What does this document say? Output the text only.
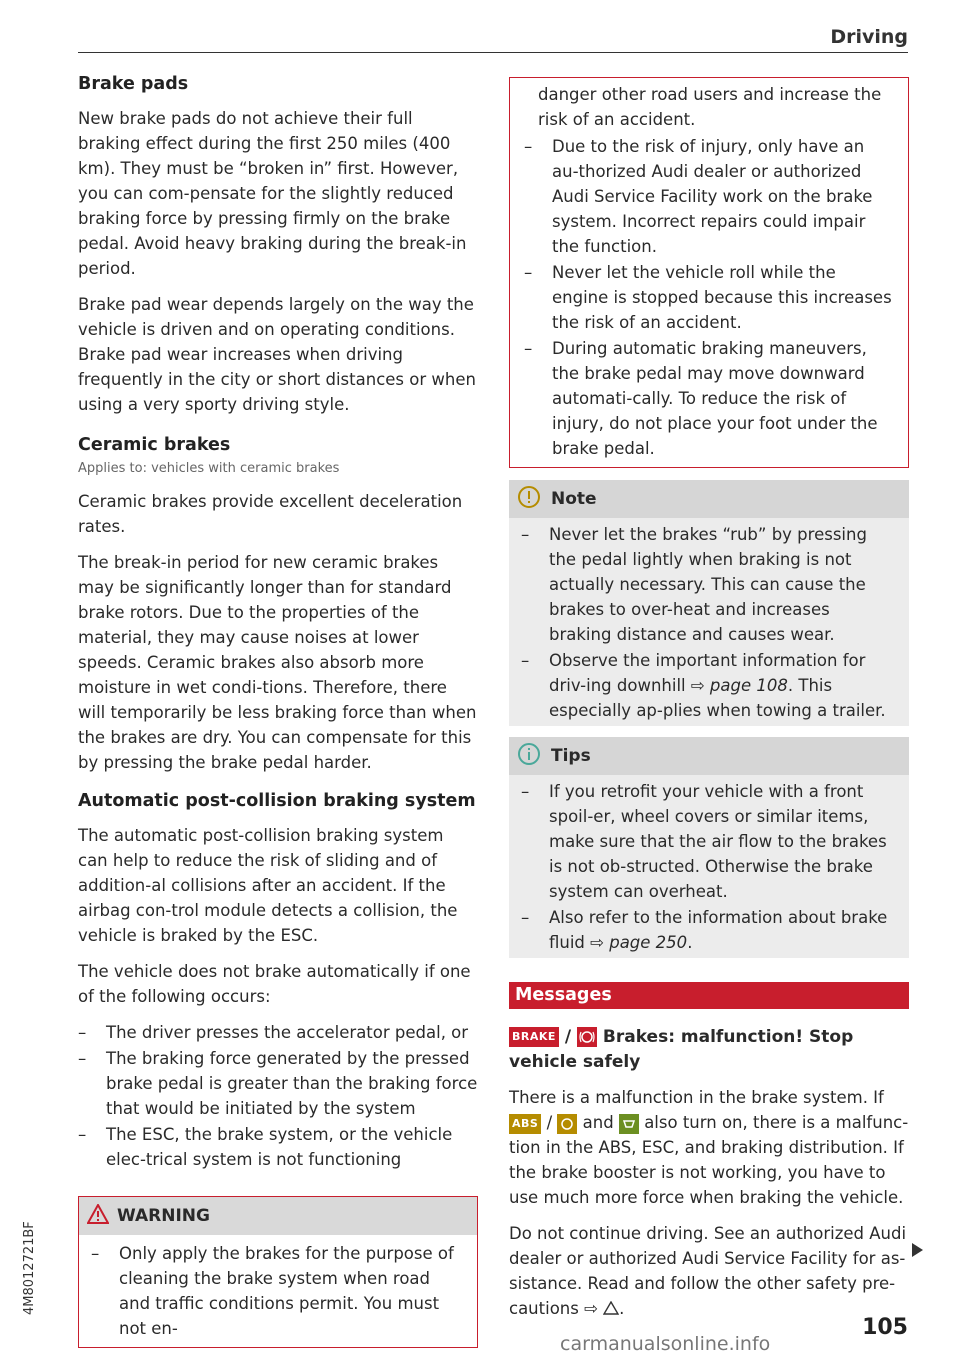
Driving
4M8012721BF
Brake pads

New brake pads do not achieve their full braking effect during the first 250 miles (400 km). They must be “broken in” first. However, you can com-pensate for the slightly reduced braking force by pressing firmly on the brake pedal. Avoid heavy braking during the break-in period.

Brake pad wear depends largely on the way the vehicle is driven and on operating conditions. Brake pad wear increases when driving frequently in the city or short distances or when using a very sporty driving style.

Ceramic brakes
Applies to: vehicles with ceramic brakes

Ceramic brakes provide excellent deceleration rates.

The break-in period for new ceramic brakes may be significantly longer than for standard brake rotors. Due to the properties of the material, they may cause noises at lower speeds. Ceramic brakes also absorb more moisture in wet condi-tions. Therefore, there will temporarily be less braking force than when the brakes are dry. You can compensate for this by pressing the brake pedal harder.

Automatic post-collision braking system

The automatic post-collision braking system can help to reduce the risk of sliding and of addition-al collisions after an accident. If the airbag con-trol module detects a collision, the vehicle is braked by the ESC.

The vehicle does not brake automatically if one of the following occurs:

– The driver presses the accelerator pedal, or
– The braking force generated by the pressed brake pedal is greater than the braking force that would be initiated by the system
– The ESC, the brake system, or the vehicle elec-trical system is not functioning
WARNING
– Only apply the brakes for the purpose of cleaning the brake system when road and traffic conditions permit. You must not en-

danger other road users and increase the risk of an accident.

– Due to the risk of injury, only have an au-thorized Audi dealer or authorized Audi Service Facility work on the brake system. Incorrect repairs could impair the function.
– Never let the vehicle roll while the engine is stopped because this increases the risk of an accident.
– During automatic braking maneuvers, the brake pedal may move downward automati-cally. To reduce the risk of injury, do not place your foot under the brake pedal.
Note
– Never let the brakes “rub” by pressing the pedal lightly when braking is not actually necessary. This can cause the brakes to over-heat and increases braking distance and causes wear.
– Observe the important information for driv-ing downhill ⇨ page 108. This especially ap-plies when towing a trailer.
Tips
– If you retrofit your vehicle with a front spoil-er, wheel covers or similar items, make sure that the air flow to the brakes is not ob-structed. Otherwise the brake system can overheat.
– Also refer to the information about brake fluid ⇨ page 250.
Messages
BRAKE / Brakes: malfunction! Stop vehicle safely

There is a malfunction in the brake system. If ABS / and also turn on, there is a malfunc-tion in the ABS, ESC, and braking distribution. If the brake booster is not working, you have to use much more force when braking the vehicle.

Do not continue driving. See an authorized Audi dealer or authorized Audi Service Facility for as-sistance. Read and follow the other safety pre-cautions ⇨ .

105
carmanualsonline.info
